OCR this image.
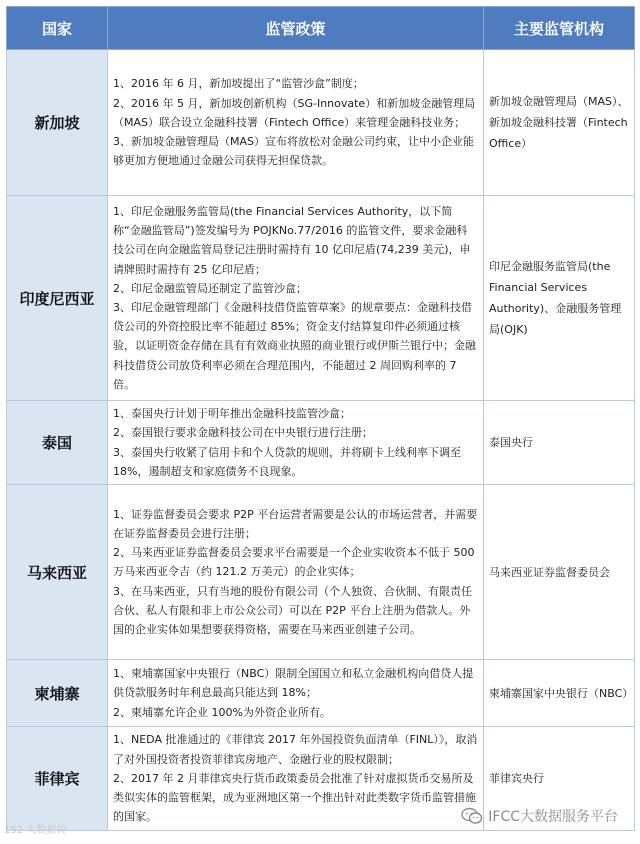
国家	监管政策	主要监管机构
新加坡	1、2016 年 6 月，新加坡提出了“监管沙盒”制度；

2、2016 年 5 月，新加坡创新机构（SG-Innovate）和新加坡金融管理局（MAS）联合设立金融科技署（Fintech Office）来管理金融科技业务；

3、新加坡金融管理局（MAS）宣布将放松对金融公司约束，让中小企业能够更加方便地通过金融公司获得无担保贷款。	新加坡金融管理局（MAS）、新加坡金融科技署（Fintech Office）
印度尼西亚	1、印尼金融服务监管局(the Financial Services Authority，以下简称“金融监管局”)签发编号为 POJKNo.77/2016 的监管文件，要求金融科技公司在向金融监管局登记注册时需持有 10 亿印尼盾(74,239 美元)，申请牌照时需持有 25 亿印尼盾；

2、印尼金融监管局还制定了监管沙盒；

3、印尼金融管理部门《金融科技借贷监管草案》的规章要点：金融科技借贷公司的外资控股比率不能超过 85%；资金支付结算复印件必须通过核验，以证明资金存储在具有有效商业执照的商业银行或伊斯兰银行中；金融科技借贷公司放贷利率必须在合理范围内，不能超过 2 周回购利率的 7 倍。	印尼金融服务监管局(the Financial Services Authority)、金融服务管理局(OJK)
泰国	1、泰国央行计划于明年推出金融科技监管沙盒；

2、泰国银行要求金融科技公司在中央银行进行注册；

3、泰国央行收紧了信用卡和个人贷款的规则，并将刷卡上线利率下调至 18%，遏制超支和家庭债务不良现象。	泰国央行
马来西亚	1、证券监督委员会要求 P2P 平台运营者需要是公认的市场运营者，并需要在证券监督委员会进行注册；

2、马来西亚证券监督委员会要求平台需要是一个企业实收资本不低于 500 万马来西亚令吉（约 121.2 万美元）的企业实体；

3、在马来西亚，只有当地的股份有限公司（个人独资、合伙制、有限责任合伙、私人有限和非上市公众公司）可以在 P2P 平台上注册为借款人。外国的企业实体如果想要获得资格，需要在马来西亚创建子公司。	马来西亚证券监督委员会
柬埔寨	1、柬埔寨国家中央银行（NBC）限制全国国立和私立金融机构向借贷人提供贷款服务时年利息最高只能达到 18%；

2、柬埔寨允许企业 100%为外资企业所有。	柬埔寨国家中央银行（NBC）
菲律宾	1、NEDA 批准通过的《菲律宾 2017 年外国投资负面清单（FINL）》，取消了对外国投资者投资菲律宾房地产、金融行业的股权限制；

2、2017 年 2 月菲律宾央行货币政策委员会批准了针对虚拟货币交易所及类似实体的监管框架，成为亚洲地区第一个推出针对此类数字货币监管措施的国家。	菲律宾央行
152 大数据说
IFCC大数据服务平台
